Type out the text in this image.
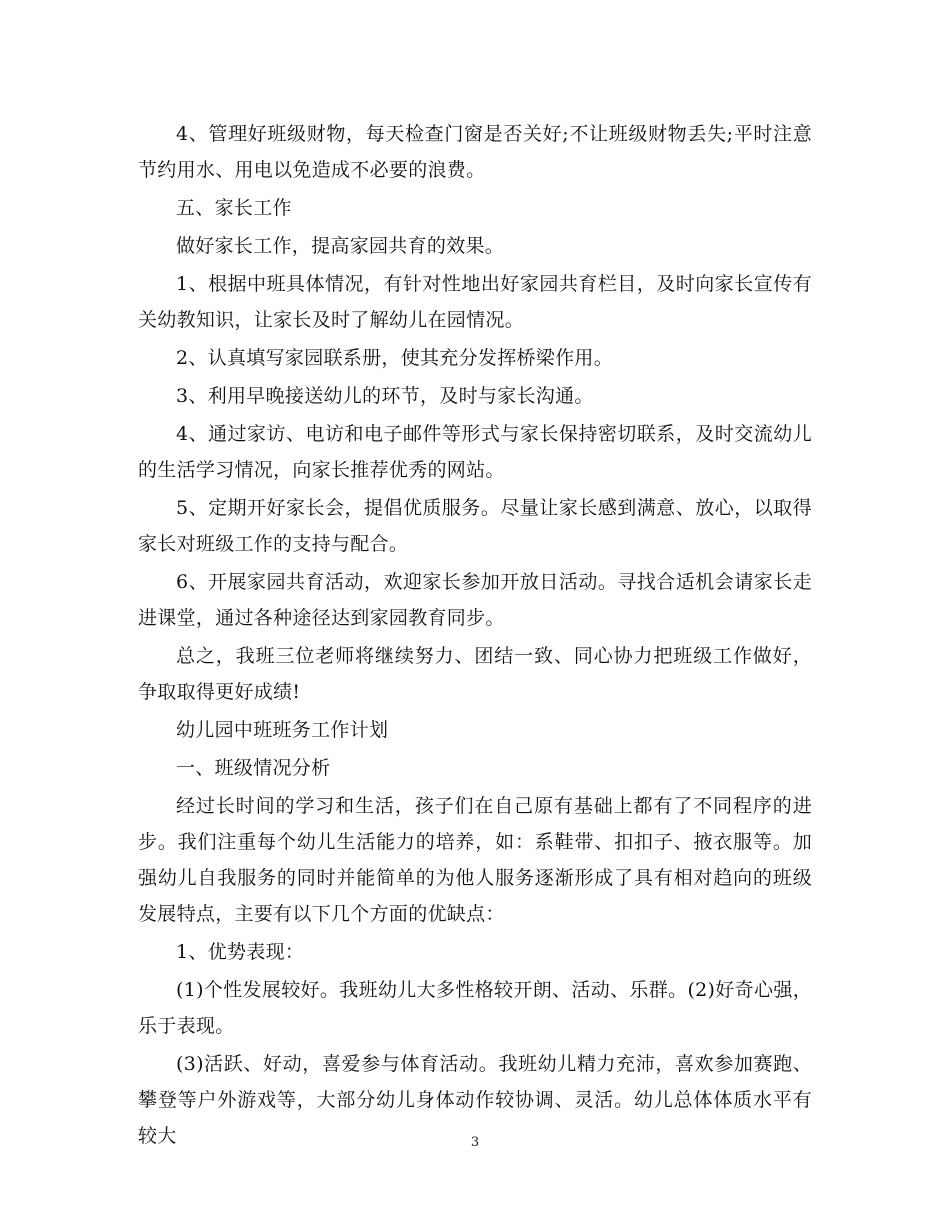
4、管理好班级财物，每天检查门窗是否关好;不让班级财物丢失;平时注意节约用水、用电以免造成不必要的浪费。

五、家长工作

做好家长工作，提高家园共育的效果。

1、根据中班具体情况，有针对性地出好家园共育栏目，及时向家长宣传有关幼教知识，让家长及时了解幼儿在园情况。

2、认真填写家园联系册，使其充分发挥桥梁作用。

3、利用早晚接送幼儿的环节，及时与家长沟通。

4、通过家访、电访和电子邮件等形式与家长保持密切联系，及时交流幼儿的生活学习情况，向家长推荐优秀的网站。

5、定期开好家长会，提倡优质服务。尽量让家长感到满意、放心，以取得家长对班级工作的支持与配合。

6、开展家园共育活动，欢迎家长参加开放日活动。寻找合适机会请家长走进课堂，通过各种途径达到家园教育同步。

总之，我班三位老师将继续努力、团结一致、同心协力把班级工作做好，争取取得更好成绩!

幼儿园中班班务工作计划

一、班级情况分析

经过长时间的学习和生活，孩子们在自己原有基础上都有了不同程序的进步。我们注重每个幼儿生活能力的培养，如：系鞋带、扣扣子、掖衣服等。加强幼儿自我服务的同时并能简单的为他人服务逐渐形成了具有相对趋向的班级发展特点，主要有以下几个方面的优缺点：

1、优势表现：

(1)个性发展较好。我班幼儿大多性格较开朗、活动、乐群。(2)好奇心强，乐于表现。

(3)活跃、好动，喜爱参与体育活动。我班幼儿精力充沛，喜欢参加赛跑、攀登等户外游戏等，大部分幼儿身体动作较协调、灵活。幼儿总体体质水平有较大	3
